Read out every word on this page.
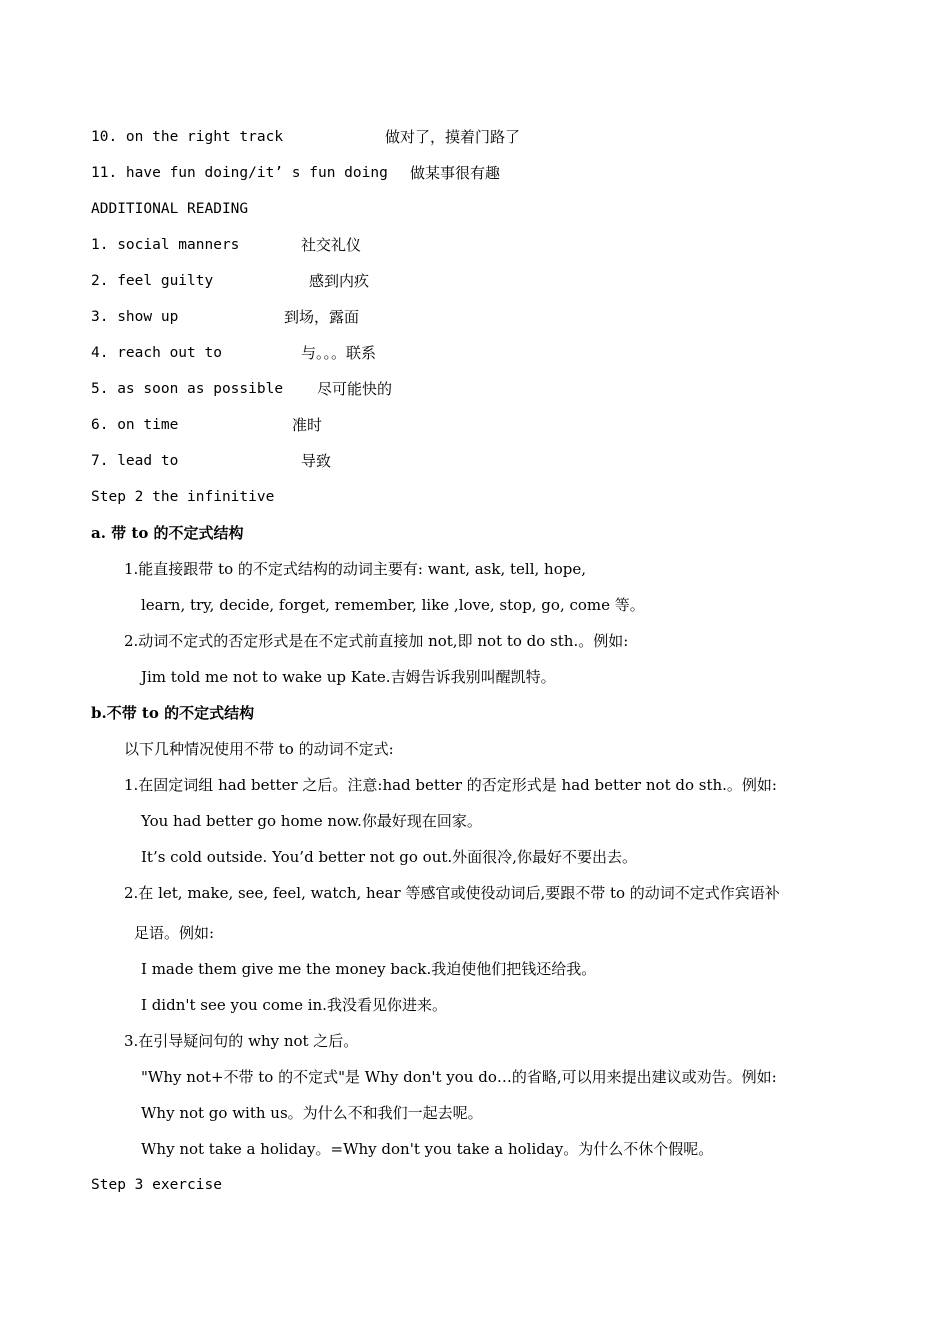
10. on the right track	做对了，摸着门路了
11. have fun doing/it’ s fun doing 做某事很有趣
ADDITIONAL READING
1. social manners	社交礼仪
2. feel guilty	感到内疚
3. show up	到场，露面
4. reach out to	与。。。联系
5. as soon as possible 尽可能快的
6. on time	准时
7. lead to	导致
Step 2 the infinitive
a. 带 to 的不定式结构
1.能直接跟带 to 的不定式结构的动词主要有: want, ask, tell, hope,
learn, try, decide, forget, remember, like ,love, stop, go, come 等。
2.动词不定式的否定形式是在不定式前直接加 not,即 not to do sth.。例如:
Jim told me not to wake up Kate.吉姆告诉我别叫醒凯特。
b.不带 to 的不定式结构
以下几种情况使用不带 to 的动词不定式:
1.在固定词组 had better 之后。注意:had better 的否定形式是 had better not do sth.。例如:
You had better go home now.你最好现在回家。
It’s cold outside. You’d better not go out.外面很冷,你最好不要出去。
2.在 let, make, see, feel, watch, hear 等感官或使役动词后,要跟不带 to 的动词不定式作宾语补
足语。例如:
I made them give me the money back.我迫使他们把钱还给我。
I didn't see you come in.我没看见你进来。
3.在引导疑问句的 why not 之后。
"Why not+不带 to 的不定式"是 Why don't you do…的省略,可以用来提出建议或劝告。例如:
Why not go with us。为什么不和我们一起去呢。
Why not take a holiday。=Why don't you take a holiday。为什么不休个假呢。
Step 3 exercise
